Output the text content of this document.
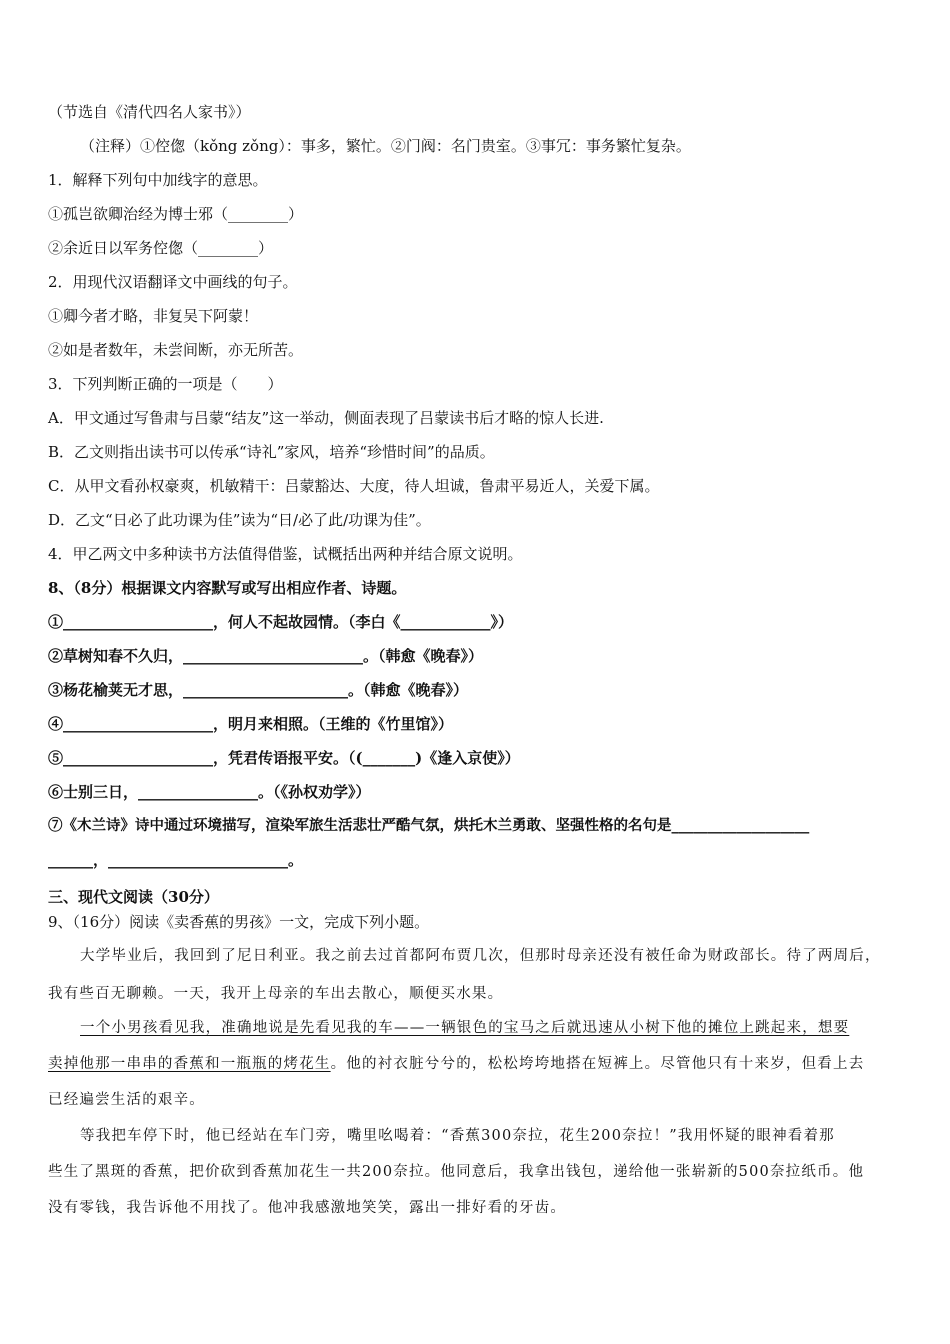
（节选自《清代四名人家书》）
（注释）①倥偬（kǒng zǒng）：事多，繁忙。②门阀：名门贵室。③事冗：事务繁忙复杂。
1．解释下列句中加线字的意思。
①孤岂欲卿治经为博士邪（________）
②余近日以军务倥偬（________）
2．用现代汉语翻译文中画线的句子。
①卿今者才略，非复吴下阿蒙！
②如是者数年，未尝间断，亦无所苦。
3．下列判断正确的一项是（　　）
A．甲文通过写鲁肃与吕蒙“结友”这一举动，侧面表现了吕蒙读书后才略的惊人长进.
B．乙文则指出读书可以传承“诗礼”家风，培养“珍惜时间”的品质。
C．从甲文看孙权豪爽，机敏精干：吕蒙豁达、大度，待人坦诚，鲁肃平易近人，关爱下属。
D．乙文“日必了此功课为佳”读为“日/必了此/功课为佳”。
4．甲乙两文中多种读书方法值得借鉴，试概括出两种并结合原文说明。
8、（8分）根据课文内容默写或写出相应作者、诗题。
①____________________，何人不起故园情。（李白《____________》）
②草树知春不久归，________________________。（韩愈《晚春》）
③杨花榆荚无才思，______________________。（韩愈《晚春》）
④____________________，明月来相照。（王维的《竹里馆》）
⑤____________________，凭君传语报平安。（(_______)《逢入京使》）
⑥士别三日，________________。（《孙权劝学》）
⑦《木兰诗》诗中通过环境描写，渲染军旅生活悲壮严酷气氛，烘托木兰勇敢、坚强性格的名句是___________________
______，________________________。
三、现代文阅读（30分）
9、（16分）阅读《卖香蕉的男孩》一文，完成下列小题。
大学毕业后，我回到了尼日利亚。我之前去过首都阿布贾几次，但那时母亲还没有被任命为财政部长。待了两周后，
我有些百无聊赖。一天，我开上母亲的车出去散心，顺便买水果。
一个小男孩看见我，准确地说是先看见我的车——一辆银色的宝马之后就迅速从小树下他的摊位上跳起来，想要
卖掉他那一串串的香蕉和一瓶瓶的烤花生。他的衬衣脏兮兮的，松松垮垮地搭在短裤上。尽管他只有十来岁，但看上去
已经遍尝生活的艰辛。
等我把车停下时，他已经站在车门旁，嘴里吆喝着：“香蕉300奈拉，花生200奈拉！”我用怀疑的眼神看着那
些生了黑斑的香蕉，把价砍到香蕉加花生一共200奈拉。他同意后，我拿出钱包，递给他一张崭新的500奈拉纸币。他
没有零钱，我告诉他不用找了。他冲我感激地笑笑，露出一排好看的牙齿。
